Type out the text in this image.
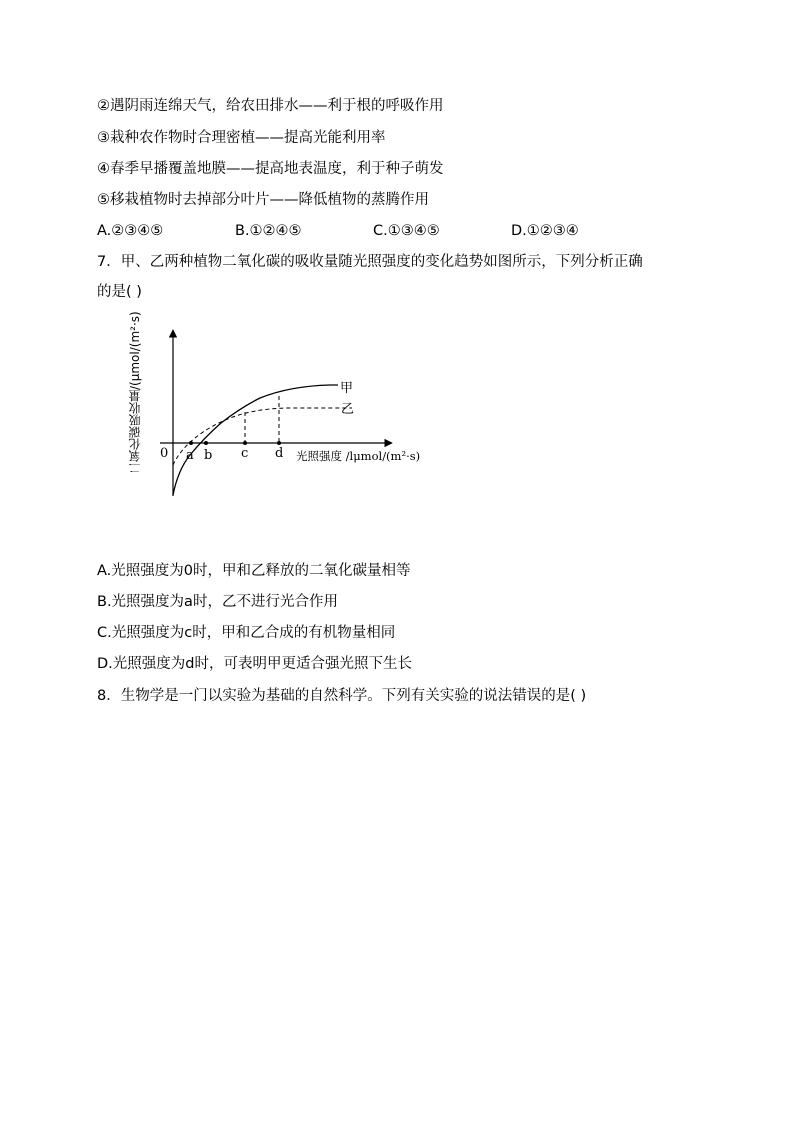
②遇阴雨连绵天气，给农田排水——利于根的呼吸作用
③栽种农作物时合理密植——提高光能利用率
④春季早播覆盖地膜——提高地表温度，利于种子萌发
⑤移栽植物时去掉部分叶片——降低植物的蒸腾作用
A.②③④⑤	B.①②④⑤	C.①③④⑤	D.①②③④
7．甲、乙两种植物二氧化碳的吸收量随光照强度的变化趋势如图所示，下列分析正确
的是( )
二氧化碳吸收量/(μmol/(m²·s)	0 a b c d
甲
乙
光照强度 /lμmol/(m²·s)
A.光照强度为0时，甲和乙释放的二氧化碳量相等
B.光照强度为a时，乙不进行光合作用
C.光照强度为c时，甲和乙合成的有机物量相同
D.光照强度为d时，可表明甲更适合强光照下生长
8．生物学是一门以实验为基础的自然科学。下列有关实验的说法错误的是( )
